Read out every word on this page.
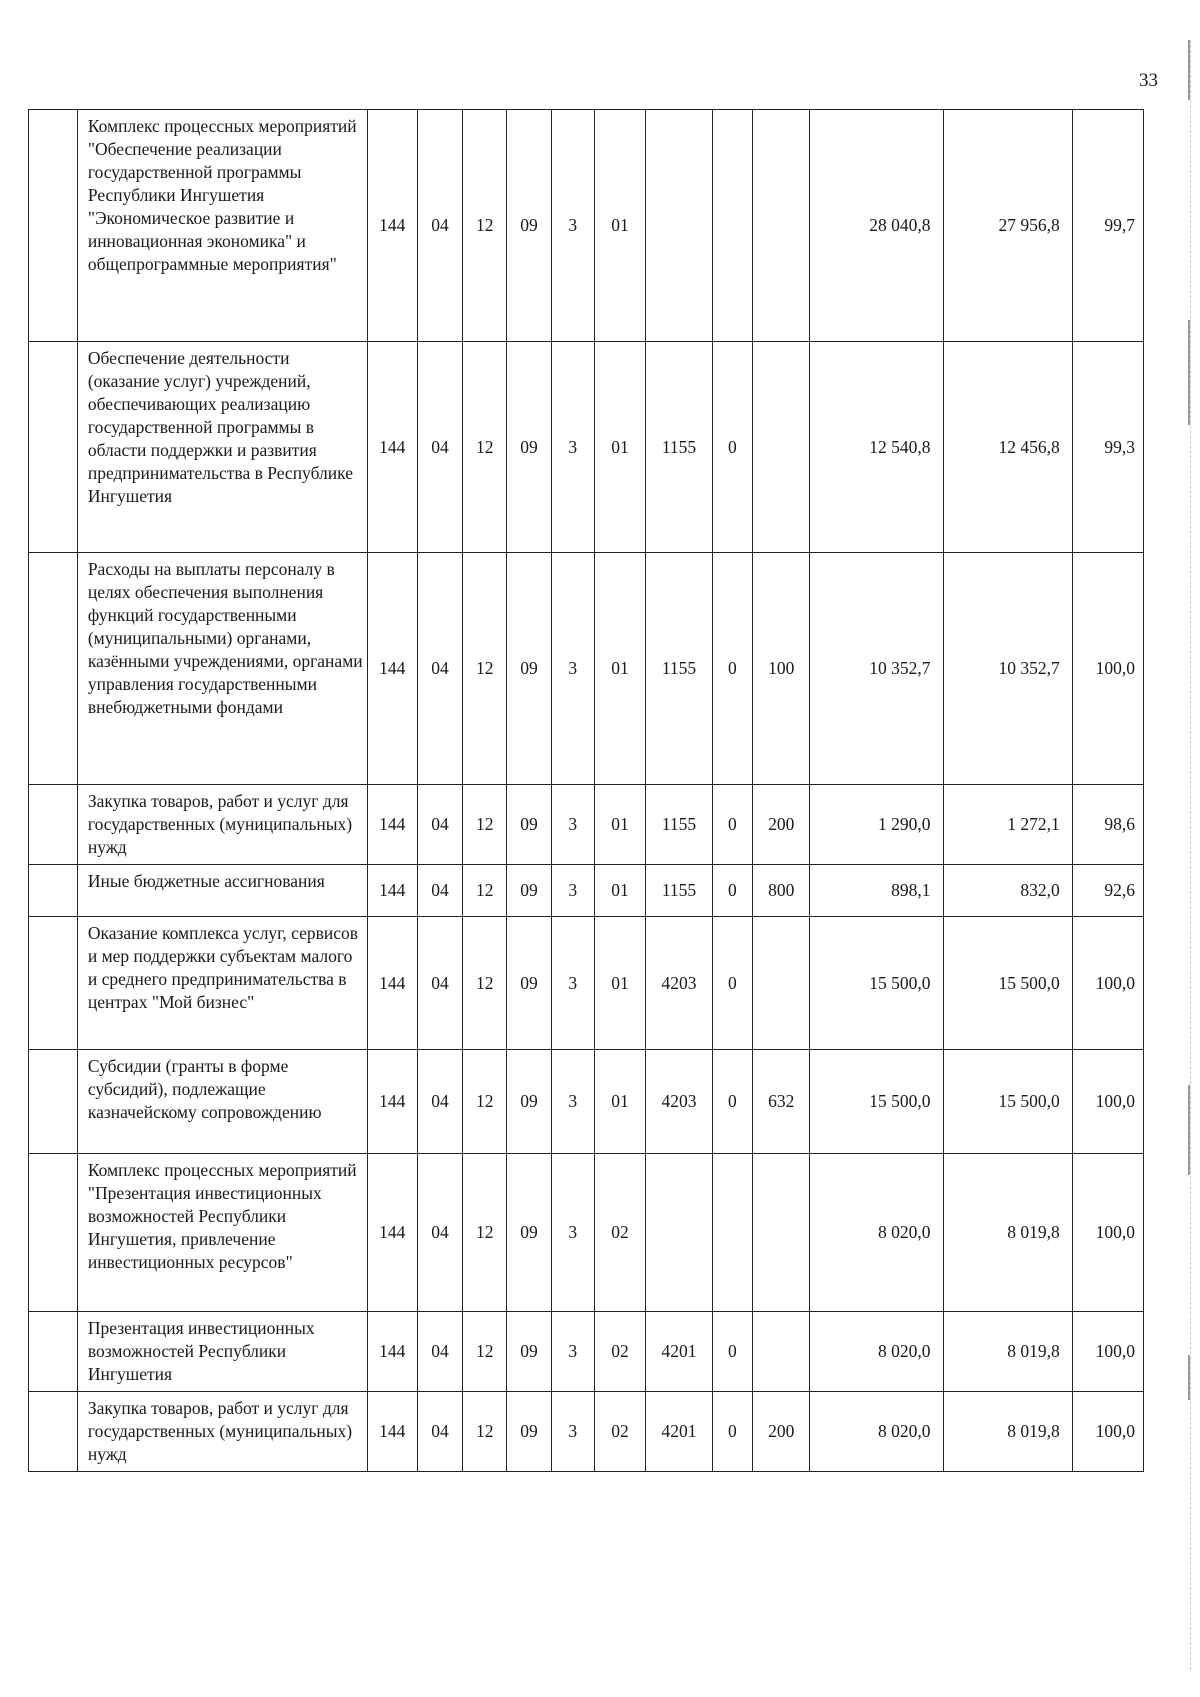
33
	Комплекс процессных мероприятий "Обеспечение реализации государственной программы Республики Ингушетия "Экономическое развитие и инновационная экономика" и общепрограммные мероприятия"	144	04	12	09	3	01				28 040,8	27 956,8	99,7
	Обеспечение деятельности (оказание услуг) учреждений, обеспечивающих реализацию государственной программы в области поддержки и развития предпринимательства в Республике Ингушетия	144	04	12	09	3	01	1155	0		12 540,8	12 456,8	99,3
	Расходы на выплаты персоналу в целях обеспечения выполнения функций государственными (муниципальными) органами, казёнными учреждениями, органами управления государственными внебюджетными фондами	144	04	12	09	3	01	1155	0	100	10 352,7	10 352,7	100,0
	Закупка товаров, работ и услуг для государственных (муниципальных) нужд	144	04	12	09	3	01	1155	0	200	1 290,0	1 272,1	98,6
	Иные бюджетные ассигнования	144	04	12	09	3	01	1155	0	800	898,1	832,0	92,6
	Оказание комплекса услуг, сервисов и мер поддержки субъектам малого и среднего предпринимательства в центрах "Мой бизнес"	144	04	12	09	3	01	4203	0		15 500,0	15 500,0	100,0
	Субсидии (гранты в форме субсидий), подлежащие казначейскому сопровождению	144	04	12	09	3	01	4203	0	632	15 500,0	15 500,0	100,0
	Комплекс процессных мероприятий "Презентация инвестиционных возможностей Республики Ингушетия, привлечение инвестиционных ресурсов"	144	04	12	09	3	02				8 020,0	8 019,8	100,0
	Презентация инвестиционных возможностей Республики Ингушетия	144	04	12	09	3	02	4201	0		8 020,0	8 019,8	100,0
	Закупка товаров, работ и услуг для государственных (муниципальных) нужд	144	04	12	09	3	02	4201	0	200	8 020,0	8 019,8	100,0
